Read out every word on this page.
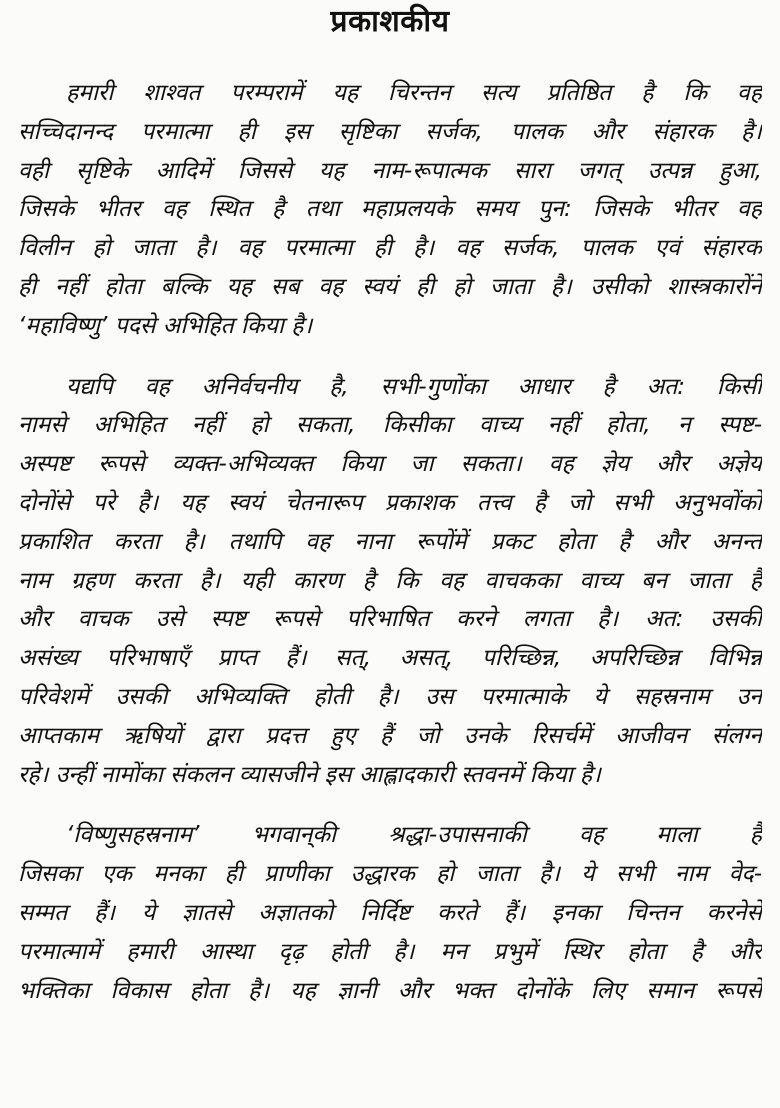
प्रकाशकीय
हमारी शाश्वत परम्परामें यह चिरन्तन सत्य प्रतिष्ठित है कि वह
सच्चिदानन्द परमात्मा ही इस सृष्टिका सर्जक, पालक और संहारक है।
वही सृष्टिके आदिमें जिससे यह नाम-रूपात्मक सारा जगत् उत्पन्न हुआ,
जिसके भीतर वह स्थित है तथा महाप्रलयके समय पुन: जिसके भीतर वह
विलीन हो जाता है। वह परमात्मा ही है। वह सर्जक, पालक एवं संहारक
ही नहीं होता बल्कि यह सब वह स्वयं ही हो जाता है। उसीको शास्त्रकारोंने
‘महाविष्णु’ पदसे अभिहित किया है।
यद्यपि वह अनिर्वचनीय है, सभी-गुणोंका आधार है अत: किसी
नामसे अभिहित नहीं हो सकता, किसीका वाच्य नहीं होता, न स्पष्ट-
अस्पष्ट रूपसे व्यक्त-अभिव्यक्त किया जा सकता। वह ज्ञेय और अज्ञेय
दोनोंसे परे है। यह स्वयं चेतनारूप प्रकाशक तत्त्व है जो सभी अनुभवोंको
प्रकाशित करता है। तथापि वह नाना रूपोंमें प्रकट होता है और अनन्त
नाम ग्रहण करता है। यही कारण है कि वह वाचकका वाच्य बन जाता है
और वाचक उसे स्पष्ट रूपसे परिभाषित करने लगता है। अत: उसकी
असंख्य परिभाषाएँ प्राप्त हैं। सत्, असत्, परिच्छिन्न, अपरिच्छिन्न विभिन्न
परिवेशमें उसकी अभिव्यक्ति होती है। उस परमात्माके ये सहस्रनाम उन
आप्तकाम ऋषियों द्वारा प्रदत्त हुए हैं जो उनके रिसर्चमें आजीवन संलग्न
रहे। उन्हीं नामोंका संकलन व्यासजीने इस आह्लादकारी स्तवनमें किया है।
‘विष्णुसहस्रनाम’ भगवान्‌की श्रद्धा-उपासनाकी वह माला है
जिसका एक मनका ही प्राणीका उद्धारक हो जाता है। ये सभी नाम वेद-
सम्मत हैं। ये ज्ञातसे अज्ञातको निर्दिष्ट करते हैं। इनका चिन्तन करनेसे
परमात्मामें हमारी आस्था दृढ़ होती है। मन प्रभुमें स्थिर होता है और
भक्तिका विकास होता है। यह ज्ञानी और भक्त दोनोंके लिए समान रूपसे
